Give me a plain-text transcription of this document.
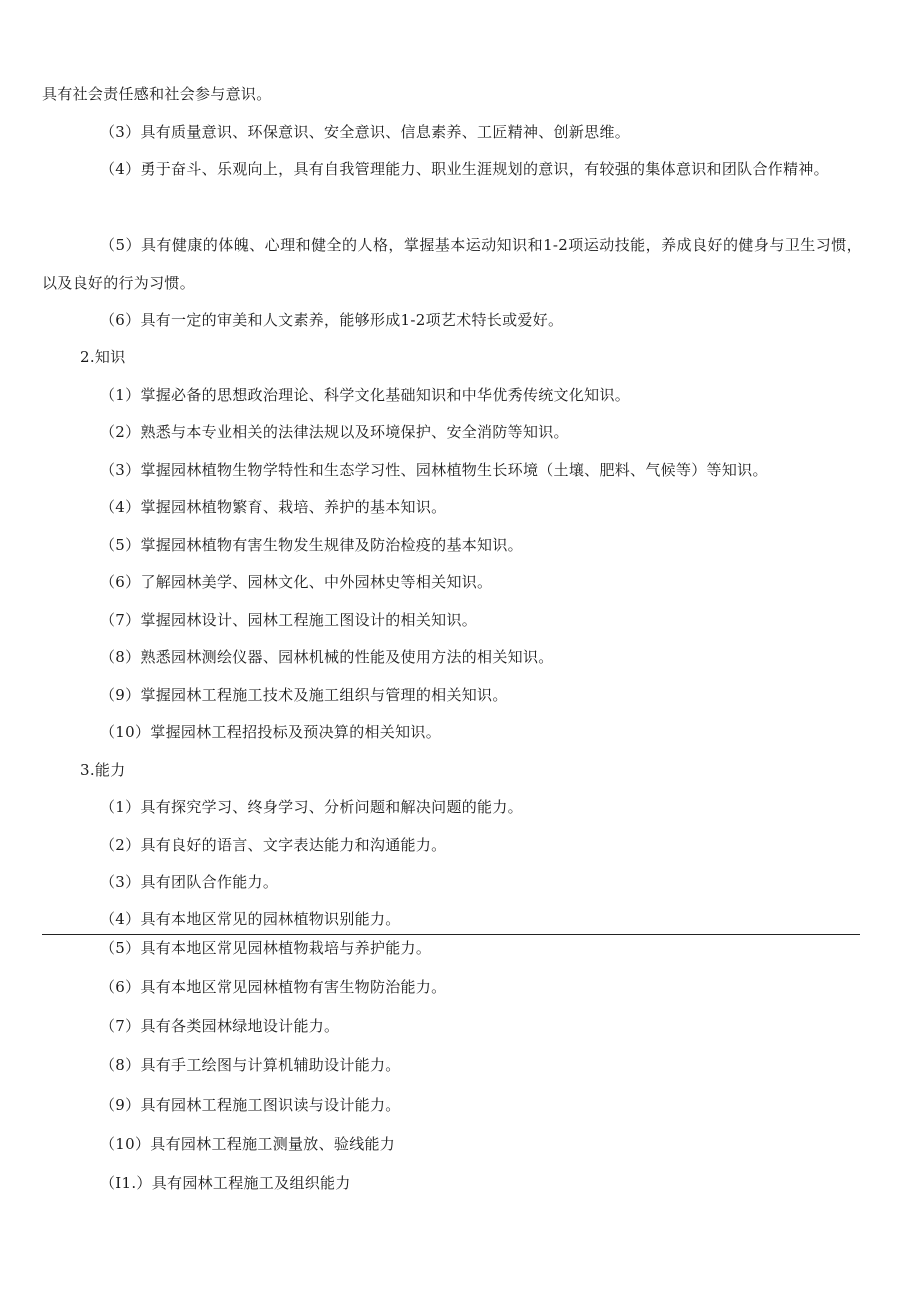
具有社会责任感和社会参与意识。
（3）具有质量意识、环保意识、安全意识、信息素养、工匠精神、创新思维。
（4）勇于奋斗、乐观向上，具有自我管理能力、职业生涯规划的意识，有较强的集体意识和团队合作精神。
（5）具有健康的体魄、心理和健全的人格，掌握基本运动知识和1-2项运动技能，养成良好的健身与卫生习惯，以及良好的行为习惯。
（6）具有一定的审美和人文素养，能够形成1-2项艺术特长或爱好。
2.知识
（1）掌握必备的思想政治理论、科学文化基础知识和中华优秀传统文化知识。
（2）熟悉与本专业相关的法律法规以及环境保护、安全消防等知识。
（3）掌握园林植物生物学特性和生态学习性、园林植物生长环境（土壤、肥料、气候等）等知识。
（4）掌握园林植物繁育、栽培、养护的基本知识。
（5）掌握园林植物有害生物发生规律及防治检疫的基本知识。
（6）了解园林美学、园林文化、中外园林史等相关知识。
（7）掌握园林设计、园林工程施工图设计的相关知识。
（8）熟悉园林测绘仪器、园林机械的性能及使用方法的相关知识。
（9）掌握园林工程施工技术及施工组织与管理的相关知识。
（10）掌握园林工程招投标及预决算的相关知识。
3.能力
（1）具有探究学习、终身学习、分析问题和解决问题的能力。
（2）具有良好的语言、文字表达能力和沟通能力。
（3）具有团队合作能力。
（4）具有本地区常见的园林植物识别能力。
（5）具有本地区常见园林植物栽培与养护能力。
（6）具有本地区常见园林植物有害生物防治能力。
（7）具有各类园林绿地设计能力。
（8）具有手工绘图与计算机辅助设计能力。
（9）具有园林工程施工图识读与设计能力。
（10）具有园林工程施工测量放、验线能力
（I1.）具有园林工程施工及组织能力
